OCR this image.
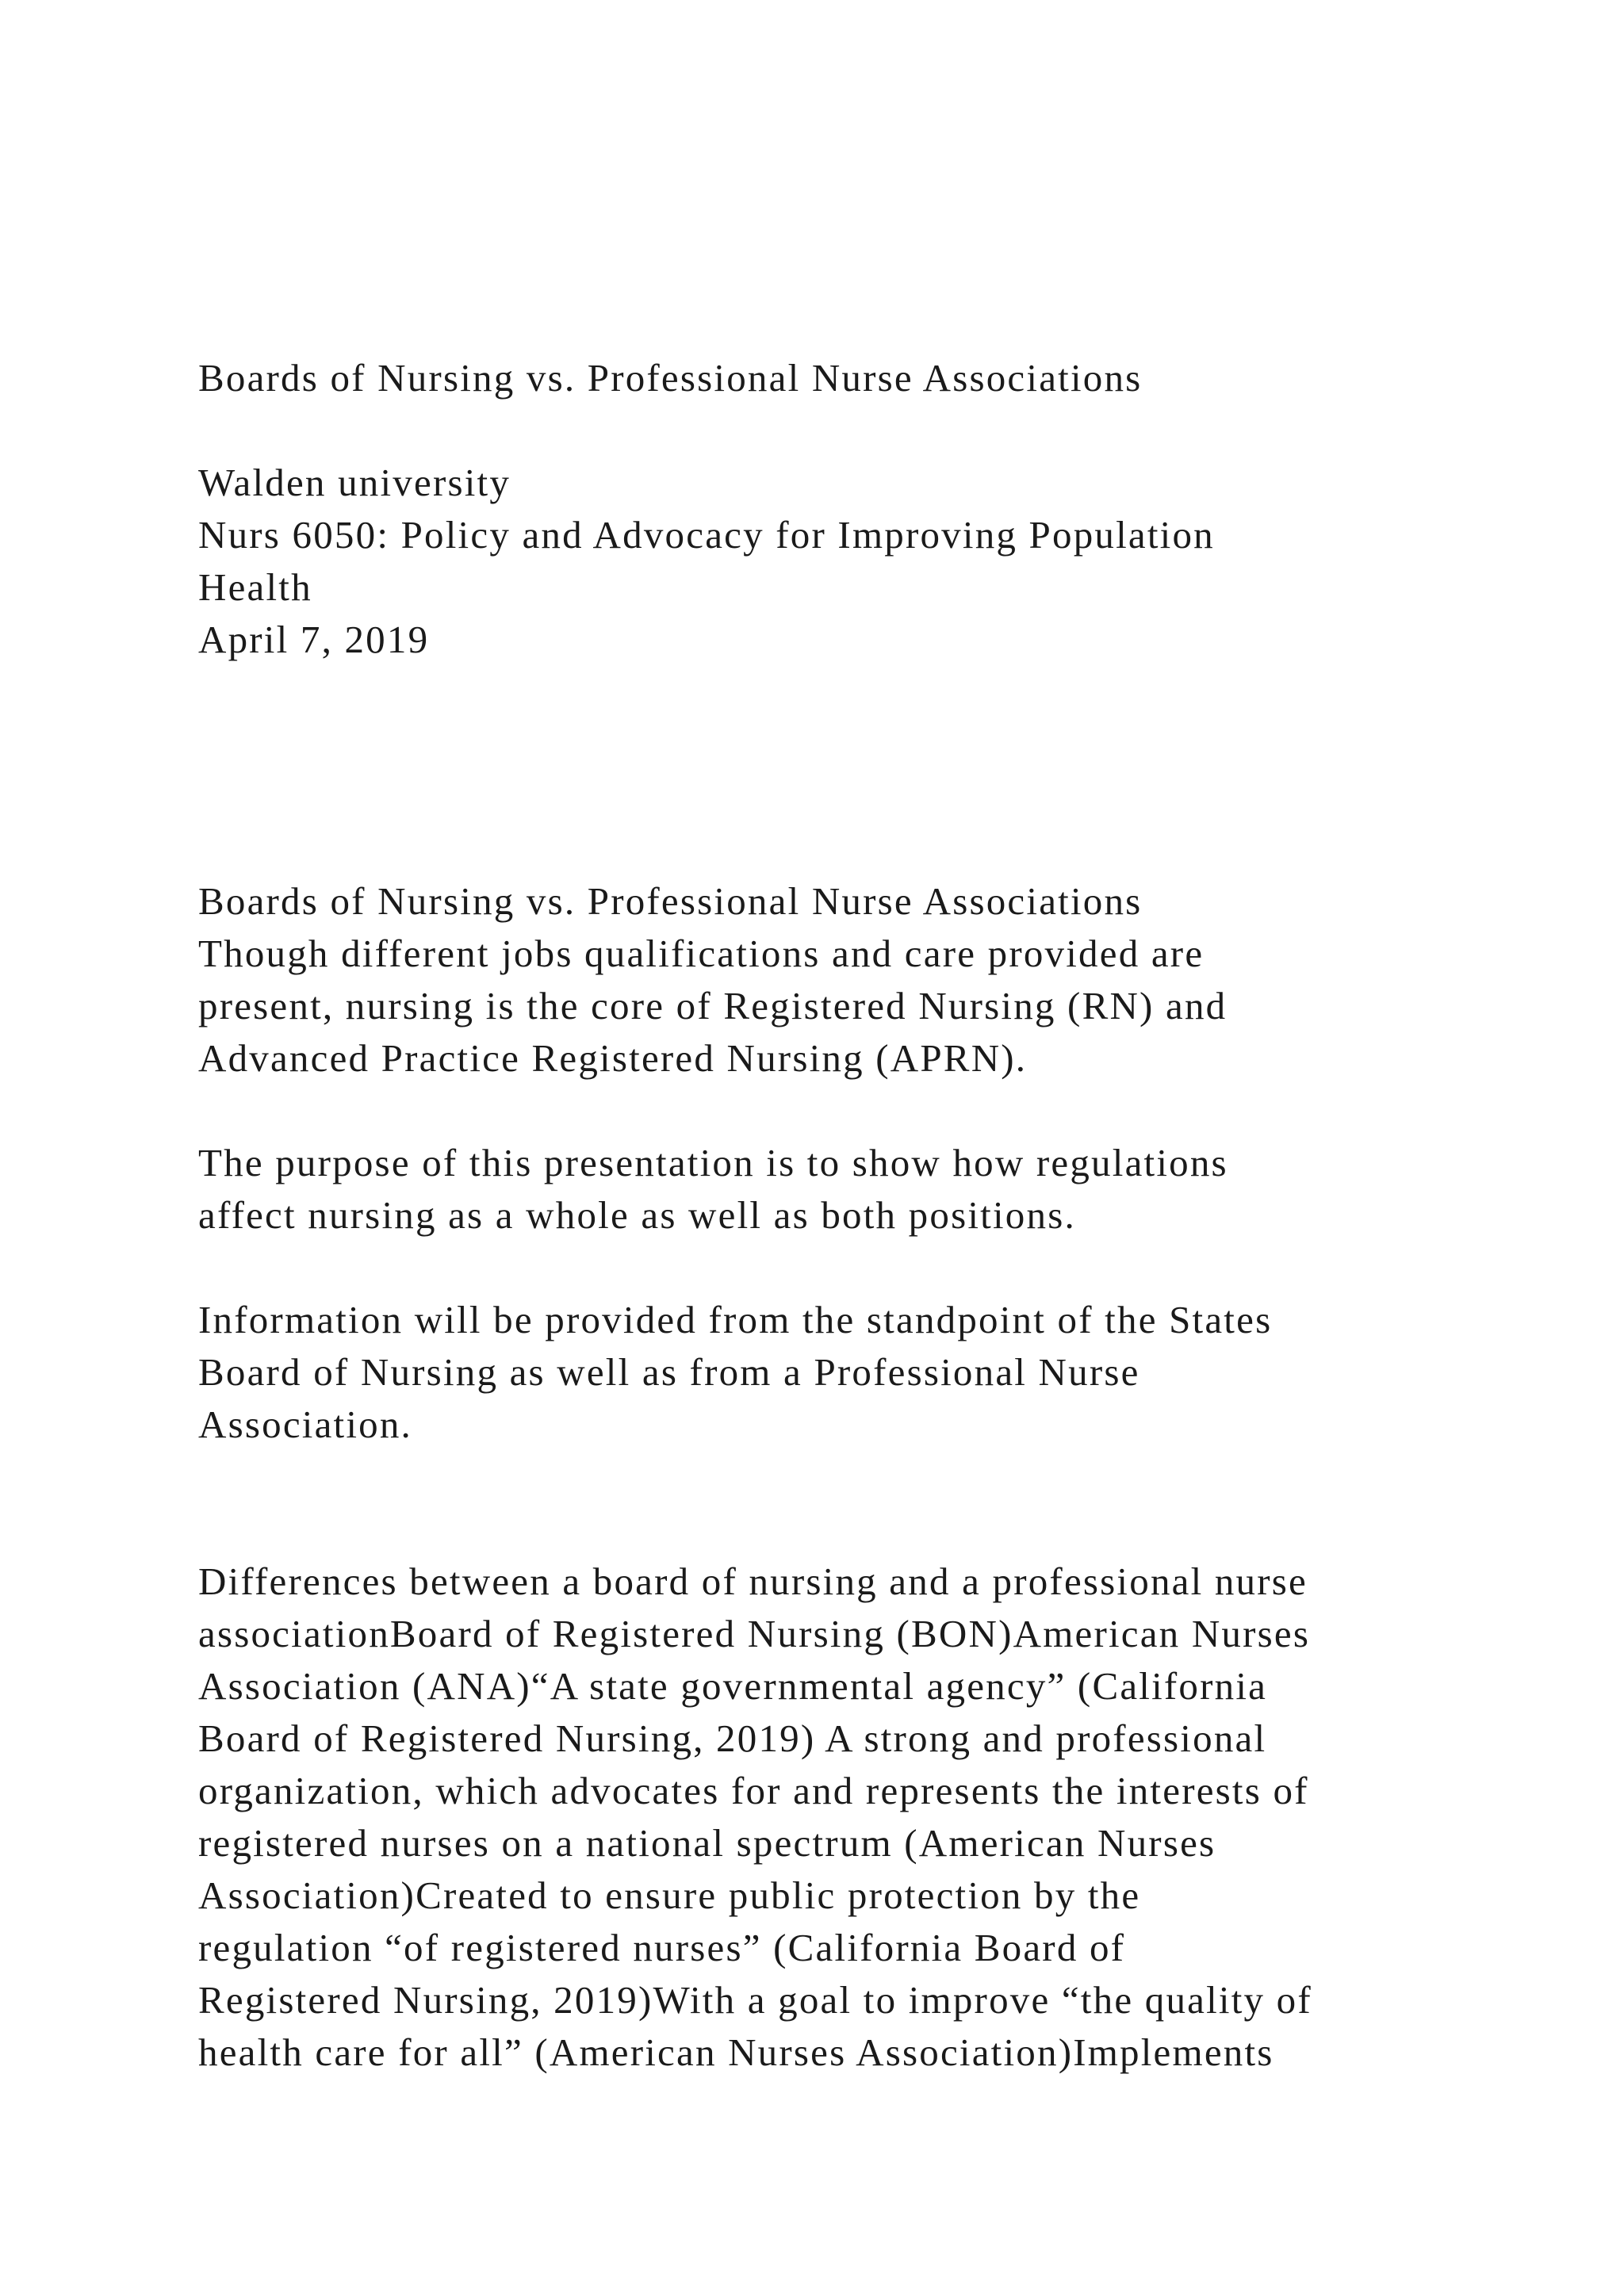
Boards of Nursing vs. Professional Nurse Associations
Walden university
Nurs 6050: Policy and Advocacy for Improving Population
Health
April 7, 2019
Boards of Nursing vs. Professional Nurse Associations
Though different jobs qualifications and care provided are
present, nursing is the core of Registered Nursing (RN) and
Advanced Practice Registered Nursing (APRN).
The purpose of this presentation is to show how regulations
affect nursing as a whole as well as both positions.
Information will be provided from the standpoint of the States
Board of Nursing as well as from a Professional Nurse
Association.
Differences between a board of nursing and a professional nurse
associationBoard of Registered Nursing (BON)American Nurses
Association (ANA)“A state governmental agency” (California
Board of Registered Nursing, 2019) A strong and professional
organization, which advocates for and represents the interests of
registered nurses on a national spectrum (American Nurses
Association)Created to ensure public protection by the
regulation “of registered nurses” (California Board of
Registered Nursing, 2019)With a goal to improve “the quality of
health care for all” (American Nurses Association)Implements
